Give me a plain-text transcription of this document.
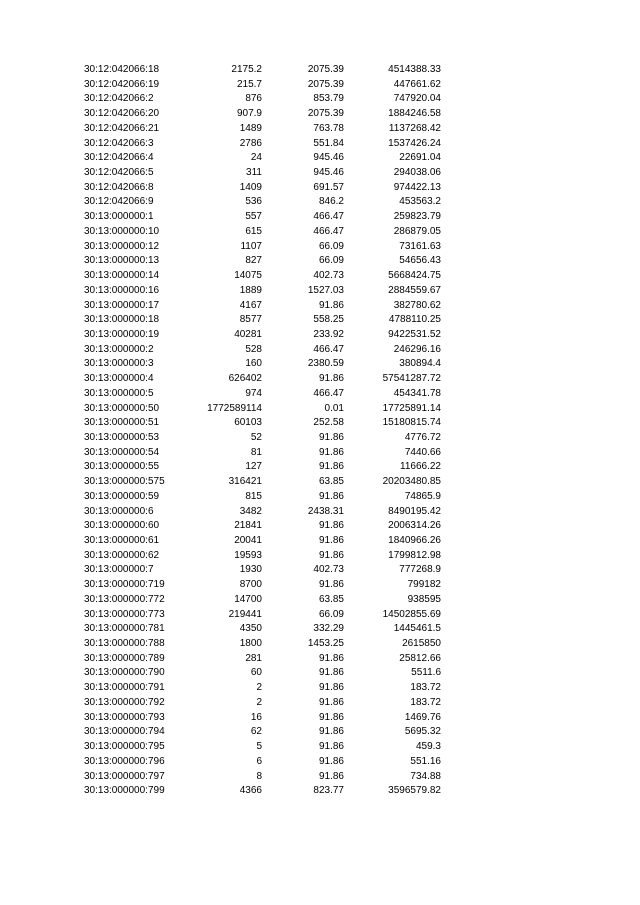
30:12:042066:18	2175.2	2075.39	4514388.33
30:12:042066:19	215.7	2075.39	447661.62
30:12:042066:2	876	853.79	747920.04
30:12:042066:20	907.9	2075.39	1884246.58
30:12:042066:21	1489	763.78	1137268.42
30:12:042066:3	2786	551.84	1537426.24
30:12:042066:4	24	945.46	22691.04
30:12:042066:5	311	945.46	294038.06
30:12:042066:8	1409	691.57	974422.13
30:12:042066:9	536	846.2	453563.2
30:13:000000:1	557	466.47	259823.79
30:13:000000:10	615	466.47	286879.05
30:13:000000:12	1107	66.09	73161.63
30:13:000000:13	827	66.09	54656.43
30:13:000000:14	14075	402.73	5668424.75
30:13:000000:16	1889	1527.03	2884559.67
30:13:000000:17	4167	91.86	382780.62
30:13:000000:18	8577	558.25	4788110.25
30:13:000000:19	40281	233.92	9422531.52
30:13:000000:2	528	466.47	246296.16
30:13:000000:3	160	2380.59	380894.4
30:13:000000:4	626402	91.86	57541287.72
30:13:000000:5	974	466.47	454341.78
30:13:000000:50	1772589114	0.01	17725891.14
30:13:000000:51	60103	252.58	15180815.74
30:13:000000:53	52	91.86	4776.72
30:13:000000:54	81	91.86	7440.66
30:13:000000:55	127	91.86	11666.22
30:13:000000:575	316421	63.85	20203480.85
30:13:000000:59	815	91.86	74865.9
30:13:000000:6	3482	2438.31	8490195.42
30:13:000000:60	21841	91.86	2006314.26
30:13:000000:61	20041	91.86	1840966.26
30:13:000000:62	19593	91.86	1799812.98
30:13:000000:7	1930	402.73	777268.9
30:13:000000:719	8700	91.86	799182
30:13:000000:772	14700	63.85	938595
30:13:000000:773	219441	66.09	14502855.69
30:13:000000:781	4350	332.29	1445461.5
30:13:000000:788	1800	1453.25	2615850
30:13:000000:789	281	91.86	25812.66
30:13:000000:790	60	91.86	5511.6
30:13:000000:791	2	91.86	183.72
30:13:000000:792	2	91.86	183.72
30:13:000000:793	16	91.86	1469.76
30:13:000000:794	62	91.86	5695.32
30:13:000000:795	5	91.86	459.3
30:13:000000:796	6	91.86	551.16
30:13:000000:797	8	91.86	734.88
30:13:000000:799	4366	823.77	3596579.82
